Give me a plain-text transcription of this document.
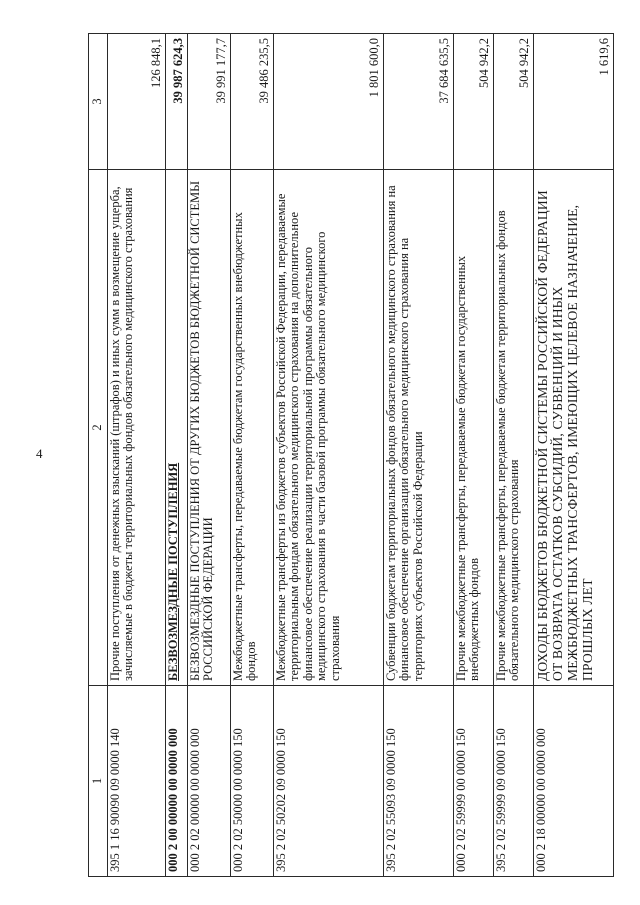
4
1	2	3
395 1 16 90090 09 0000 140	Прочие поступления от денежных взысканий (штрафов) и иных сумм в возмещение ущерба, зачисляемые в бюджеты территориальных фондов обязательного медицинского страхования	126 848,1
000 2 00 00000 00 0000 000	БЕЗВОЗМЕЗДНЫЕ ПОСТУПЛЕНИЯ	39 987 624,3
000 2 02 00000 00 0000 000	БЕЗВОЗМЕЗДНЫЕ ПОСТУПЛЕНИЯ ОТ ДРУГИХ БЮДЖЕТОВ БЮДЖЕТНОЙ СИСТЕМЫ РОССИЙСКОЙ ФЕДЕРАЦИИ	39 991 177,7
000 2 02 50000 00 0000 150	Межбюджетные трансферты, передаваемые бюджетам государственных внебюджетных фондов	39 486 235,5
395 2 02 50202 09 0000 150	Межбюджетные трансферты из бюджетов субъектов Российской Федерации, передаваемые территориальным фондам обязательного медицинского страхования на дополнительное финансовое обеспечение реализации территориальной программы обязательного медицинского страхования в части базовой программы обязательного медицинского страхования	1 801 600,0
395 2 02 55093 09 0000 150	Субвенции бюджетам территориальных фондов обязательного медицинского страхования на финансовое обеспечение организации обязательного медицинского страхования на территориях субъектов Российской Федерации	37 684 635,5
000 2 02 59999 00 0000 150	Прочие межбюджетные трансферты, передаваемые бюджетам государственных внебюджетных фондов	504 942,2
395 2 02 59999 09 0000 150	Прочие межбюджетные трансферты, передаваемые бюджетам территориальных фондов обязательного медицинского страхования	504 942,2
000 2 18 00000 00 0000 000	ДОХОДЫ БЮДЖЕТОВ БЮДЖЕТНОЙ СИСТЕМЫ РОССИЙСКОЙ ФЕДЕРАЦИИ ОТ ВОЗВРАТА ОСТАТКОВ СУБСИДИЙ, СУБВЕНЦИЙ И ИНЫХ МЕЖБЮДЖЕТНЫХ ТРАНСФЕРТОВ, ИМЕЮЩИХ ЦЕЛЕВОЕ НАЗНАЧЕНИЕ, ПРОШЛЫХ ЛЕТ	1 619,6
